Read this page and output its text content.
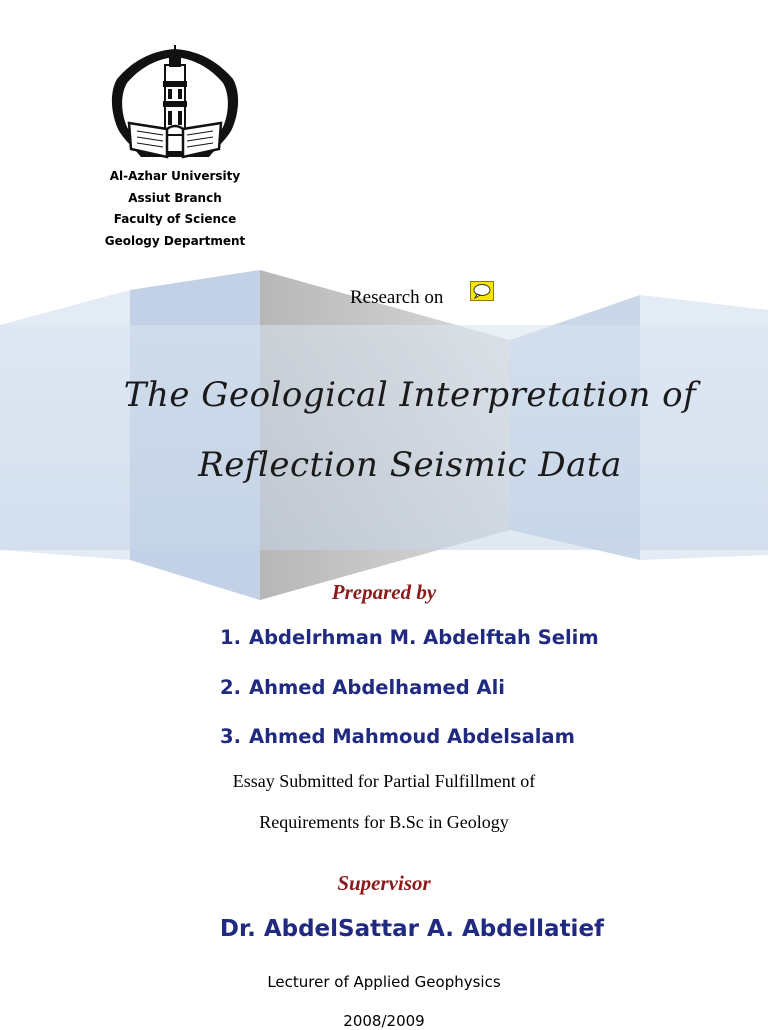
Al-Azhar University
Assiut Branch
Faculty of Science
Geology Department
Research on
The Geological Interpretation of
Reflection Seismic Data
Prepared by
1. Abdelrhman M. Abdelftah Selim
2. Ahmed Abdelhamed Ali
3. Ahmed Mahmoud Abdelsalam
Essay Submitted for Partial Fulfillment of
Requirements for B.Sc in Geology
Supervisor
Dr. AbdelSattar A. Abdellatief
Lecturer of Applied Geophysics
2008/2009
